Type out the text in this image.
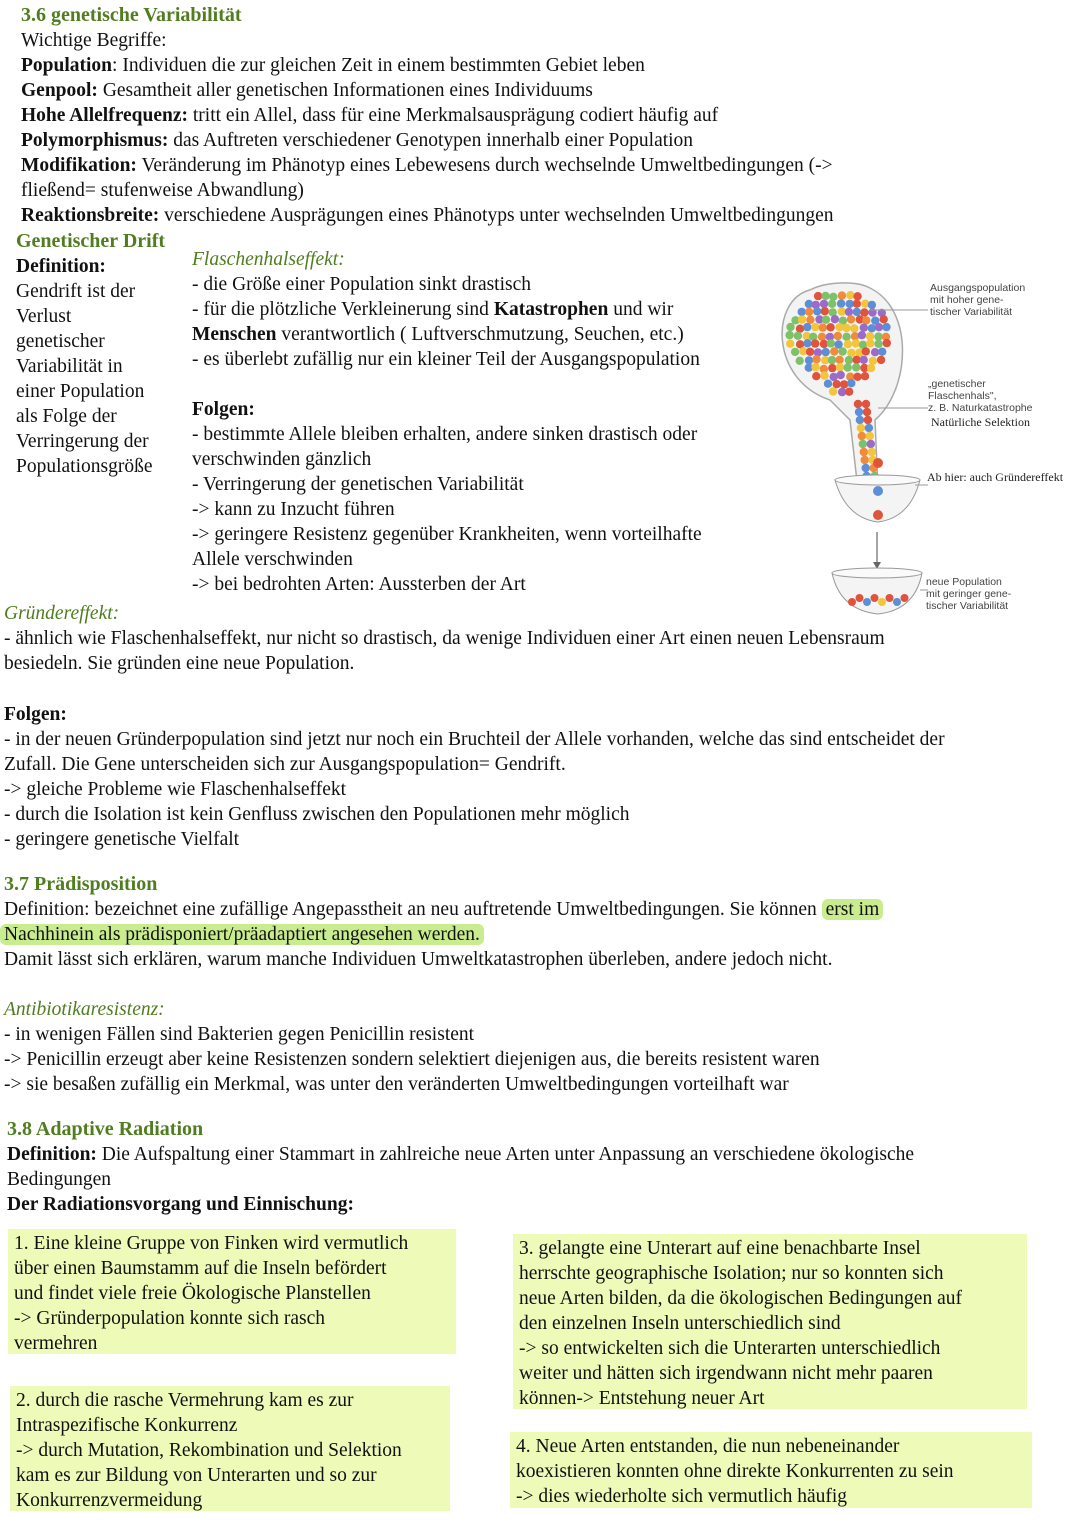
3.6 genetische Variabilität
Wichtige Begriffe:
Population: Individuen die zur gleichen Zeit in einem bestimmten Gebiet leben
Genpool: Gesamtheit aller genetischen Informationen eines Individuums
Hohe Allelfrequenz: tritt ein Allel, dass für eine Merkmalsausprägung codiert häufig auf
Polymorphismus: das Auftreten verschiedener Genotypen innerhalb einer Population
Modifikation: Veränderung im Phänotyp eines Lebewesens durch wechselnde Umweltbedingungen (->
fließend= stufenweise Abwandlung)
Reaktionsbreite: verschiedene Ausprägungen eines Phänotyps unter wechselnden Umweltbedingungen
Genetischer Drift
Definition:
Gendrift ist der
Verlust
genetischer
Variabilität in
einer Population
als Folge der
Verringerung der
Populationsgröße
Flaschenhalseffekt:
- die Größe einer Population sinkt drastisch
- für die plötzliche Verkleinerung sind Katastrophen und wir
Menschen verantwortlich ( Luftverschmutzung, Seuchen, etc.)
- es überlebt zufällig nur ein kleiner Teil der Ausgangspopulation
Folgen:
- bestimmte Allele bleiben erhalten, andere sinken drastisch oder
verschwinden gänzlich
- Verringerung der genetischen Variabilität
-> kann zu Inzucht führen
-> geringere Resistenz gegenüber Krankheiten, wenn vorteilhafte
Allele verschwinden
-> bei bedrohten Arten: Aussterben der Art
Ausgangspopulation
mit hoher gene-
tischer Variabilität
„genetischer
Flaschenhals",
z. B. Naturkatastrophe
Natürliche Selektion
Ab hier: auch Gründereffekt
neue Population
mit geringer gene-
tischer Variabilität
Gründereffekt:
- ähnlich wie Flaschenhalseffekt, nur nicht so drastisch, da wenige Individuen einer Art einen neuen Lebensraum
besiedeln. Sie gründen eine neue Population.
Folgen:
- in der neuen Gründerpopulation sind jetzt nur noch ein Bruchteil der Allele vorhanden, welche das sind entscheidet der
Zufall. Die Gene unterscheiden sich zur Ausgangspopulation= Gendrift.
-> gleiche Probleme wie Flaschenhalseffekt
- durch die Isolation ist kein Genfluss zwischen den Populationen mehr möglich
- geringere genetische Vielfalt
3.7 Prädisposition
Definition: bezeichnet eine zufällige Angepasstheit an neu auftretende Umweltbedingungen. Sie können erst im
Nachhinein als prädisponiert/präadaptiert angesehen werden.
Damit lässt sich erklären, warum manche Individuen Umweltkatastrophen überleben, andere jedoch nicht.
Antibiotikaresistenz:
- in wenigen Fällen sind Bakterien gegen Penicillin resistent
-> Penicillin erzeugt aber keine Resistenzen sondern selektiert diejenigen aus, die bereits resistent waren
-> sie besaßen zufällig ein Merkmal, was unter den veränderten Umweltbedingungen vorteilhaft war
3.8 Adaptive Radiation
Definition: Die Aufspaltung einer Stammart in zahlreiche neue Arten unter Anpassung an verschiedene ökologische
Bedingungen
Der Radiationsvorgang und Einnischung:
1. Eine kleine Gruppe von Finken wird vermutlich
über einen Baumstamm auf die Inseln befördert
und findet viele freie Ökologische Planstellen
-> Gründerpopulation konnte sich rasch
vermehren
2. durch die rasche Vermehrung kam es zur
Intraspezifische Konkurrenz
-> durch Mutation, Rekombination und Selektion
kam es zur Bildung von Unterarten und so zur
Konkurrenzvermeidung
3. gelangte eine Unterart auf eine benachbarte Insel
herrschte geographische Isolation; nur so konnten sich
neue Arten bilden, da die ökologischen Bedingungen auf
den einzelnen Inseln unterschiedlich sind
-> so entwickelten sich die Unterarten unterschiedlich
weiter und hätten sich irgendwann nicht mehr paaren
können-> Entstehung neuer Art
4. Neue Arten entstanden, die nun nebeneinander
koexistieren konnten ohne direkte Konkurrenten zu sein
-> dies wiederholte sich vermutlich häufig
